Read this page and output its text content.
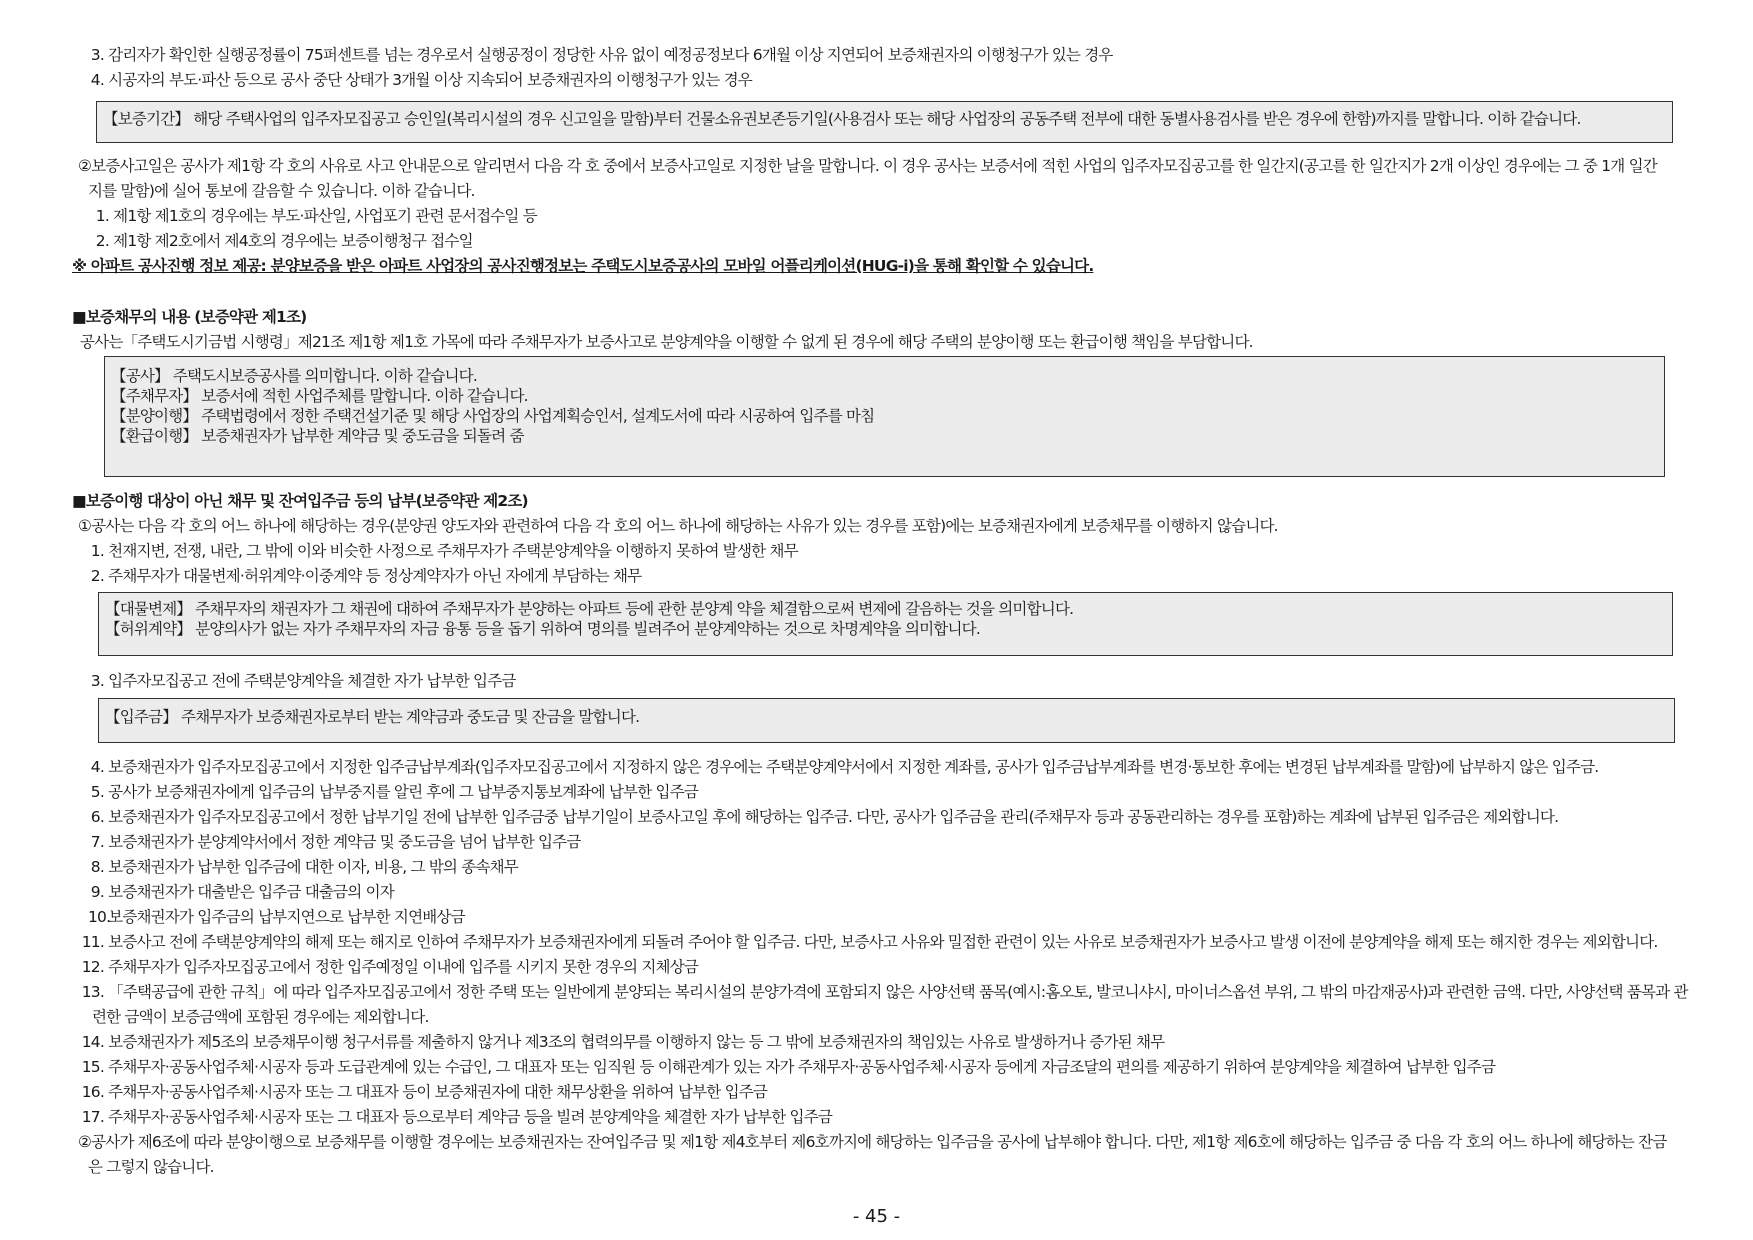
3. 감리자가 확인한 실행공정률이 75퍼센트를 넘는 경우로서 실행공정이 정당한 사유 없이 예정공정보다 6개월 이상 지연되어 보증채권자의 이행청구가 있는 경우
4. 시공자의 부도·파산 등으로 공사 중단 상태가 3개월 이상 지속되어 보증채권자의 이행청구가 있는 경우
【보증기간】 해당 주택사업의 입주자모집공고 승인일(복리시설의 경우 신고일을 말함)부터 건물소유권보존등기일(사용검사 또는 해당 사업장의 공동주택 전부에 대한 동별사용검사를 받은 경우에 한함)까지를 말합니다. 이하 같습니다.
②보증사고일은 공사가 제1항 각 호의 사유로 사고 안내문으로 알리면서 다음 각 호 중에서 보증사고일로 지정한 날을 말합니다. 이 경우 공사는 보증서에 적힌 사업의 입주자모집공고를 한 일간지(공고를 한 일간지가 2개 이상인 경우에는 그 중 1개 일간
지를 말함)에 실어 통보에 갈음할 수 있습니다. 이하 같습니다.
1. 제1항 제1호의 경우에는 부도·파산일, 사업포기 관련 문서접수일 등
2. 제1항 제2호에서 제4호의 경우에는 보증이행청구 접수일
※ 아파트 공사진행 정보 제공: 분양보증을 받은 아파트 사업장의 공사진행정보는 주택도시보증공사의 모바일 어플리케이션(HUG-i)을 통해 확인할 수 있습니다.
■보증채무의 내용 (보증약관 제1조)
공사는「주택도시기금법 시행령」제21조 제1항 제1호 가목에 따라 주채무자가 보증사고로 분양계약을 이행할 수 없게 된 경우에 해당 주택의 분양이행 또는 환급이행 책임을 부담합니다.
【공사】 주택도시보증공사를 의미합니다. 이하 같습니다.
【주채무자】 보증서에 적힌 사업주체를 말합니다. 이하 같습니다.
【분양이행】 주택법령에서 정한 주택건설기준 및 해당 사업장의 사업계획승인서, 설계도서에 따라 시공하여 입주를 마침
【환급이행】 보증채권자가 납부한 계약금 및 중도금을 되돌려 줌
■보증이행 대상이 아닌 채무 및 잔여입주금 등의 납부(보증약관 제2조)
①공사는 다음 각 호의 어느 하나에 해당하는 경우(분양권 양도자와 관련하여 다음 각 호의 어느 하나에 해당하는 사유가 있는 경우를 포함)에는 보증채권자에게 보증채무를 이행하지 않습니다.
1. 천재지변, 전쟁, 내란, 그 밖에 이와 비슷한 사정으로 주채무자가 주택분양계약을 이행하지 못하여 발생한 채무
2. 주채무자가 대물변제·허위계약·이중계약 등 정상계약자가 아닌 자에게 부담하는 채무
【대물변제】 주채무자의 채권자가 그 채권에 대하여 주채무자가 분양하는 아파트 등에 관한 분양계 약을 체결함으로써 변제에 갈음하는 것을 의미합니다.
【허위계약】 분양의사가 없는 자가 주채무자의 자금 융통 등을 돕기 위하여 명의를 빌려주어 분양계약하는 것으로 차명계약을 의미합니다.
3. 입주자모집공고 전에 주택분양계약을 체결한 자가 납부한 입주금
【입주금】 주채무자가 보증채권자로부터 받는 계약금과 중도금 및 잔금을 말합니다.
4. 보증채권자가 입주자모집공고에서 지정한 입주금납부계좌(입주자모집공고에서 지정하지 않은 경우에는 주택분양계약서에서 지정한 계좌를, 공사가 입주금납부계좌를 변경·통보한 후에는 변경된 납부계좌를 말함)에 납부하지 않은 입주금.
5. 공사가 보증채권자에게 입주금의 납부중지를 알린 후에 그 납부중지통보계좌에 납부한 입주금
6. 보증채권자가 입주자모집공고에서 정한 납부기일 전에 납부한 입주금중 납부기일이 보증사고일 후에 해당하는 입주금. 다만, 공사가 입주금을 관리(주채무자 등과 공동관리하는 경우를 포함)하는 계좌에 납부된 입주금은 제외합니다.
7. 보증채권자가 분양계약서에서 정한 계약금 및 중도금을 넘어 납부한 입주금
8. 보증채권자가 납부한 입주금에 대한 이자, 비용, 그 밖의 종속채무
9. 보증채권자가 대출받은 입주금 대출금의 이자
10. 보증채권자가 입주금의 납부지연으로 납부한 지연배상금
11. 보증사고 전에 주택분양계약의 해제 또는 해지로 인하여 주채무자가 보증채권자에게 되돌려 주어야 할 입주금. 다만, 보증사고 사유와 밀접한 관련이 있는 사유로 보증채권자가 보증사고 발생 이전에 분양계약을 해제 또는 해지한 경우는 제외합니다.
12. 주채무자가 입주자모집공고에서 정한 입주예정일 이내에 입주를 시키지 못한 경우의 지체상금
13. 「주택공급에 관한 규칙」에 따라 입주자모집공고에서 정한 주택 또는 일반에게 분양되는 복리시설의 분양가격에 포함되지 않은 사양선택 품목(예시:홈오토, 발코니샤시, 마이너스옵션 부위, 그 밖의 마감재공사)과 관련한 금액. 다만, 사양선택 품목과 관
련한 금액이 보증금액에 포함된 경우에는 제외합니다.
14. 보증채권자가 제5조의 보증채무이행 청구서류를 제출하지 않거나 제3조의 협력의무를 이행하지 않는 등 그 밖에 보증채권자의 책임있는 사유로 발생하거나 증가된 채무
15. 주채무자·공동사업주체·시공자 등과 도급관계에 있는 수급인, 그 대표자 또는 임직원 등 이해관계가 있는 자가 주채무자·공동사업주체·시공자 등에게 자금조달의 편의를 제공하기 위하여 분양계약을 체결하여 납부한 입주금
16. 주채무자·공동사업주체·시공자 또는 그 대표자 등이 보증채권자에 대한 채무상환을 위하여 납부한 입주금
17. 주채무자·공동사업주체·시공자 또는 그 대표자 등으로부터 계약금 등을 빌려 분양계약을 체결한 자가 납부한 입주금
②공사가 제6조에 따라 분양이행으로 보증채무를 이행할 경우에는 보증채권자는 잔여입주금 및 제1항 제4호부터 제6호까지에 해당하는 입주금을 공사에 납부해야 합니다. 다만, 제1항 제6호에 해당하는 입주금 중 다음 각 호의 어느 하나에 해당하는 잔금
은 그렇지 않습니다.
- 45 -
